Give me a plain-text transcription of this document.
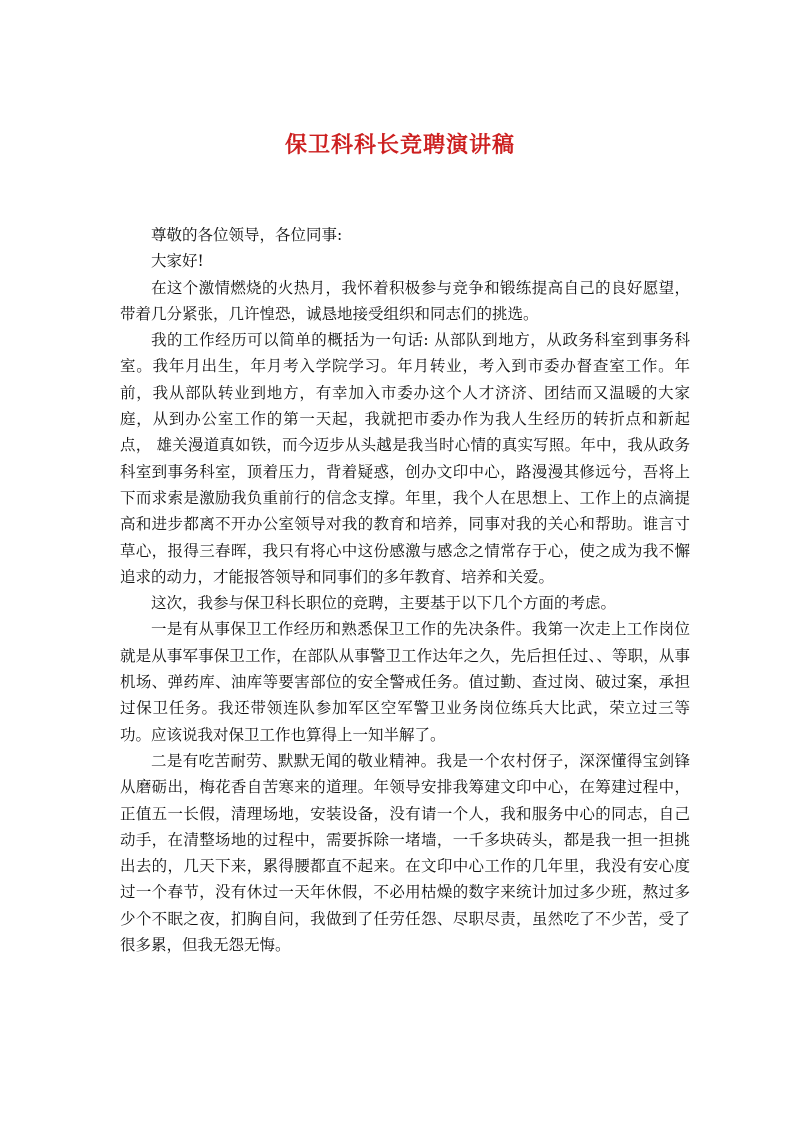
保卫科科长竞聘演讲稿

尊敬的各位领导，各位同事:

大家好!

在这个激情燃烧的火热月，我怀着积极参与竞争和锻练提高自己的良好愿望，带着几分紧张，几许惶恐，诚恳地接受组织和同志们的挑选。

我的工作经历可以简单的概括为一句话: 从部队到地方，从政务科室到事务科室。我年月出生，年月考入学院学习。年月转业，考入到市委办督查室工作。年前，我从部队转业到地方，有幸加入市委办这个人才济济、团结而又温暖的大家庭，从到办公室工作的第一天起，我就把市委办作为我人生经历的转折点和新起点， 雄关漫道真如铁，而今迈步从头越是我当时心情的真实写照。年中，我从政务科室到事务科室，顶着压力，背着疑惑，创办文印中心，路漫漫其修远兮，吾将上下而求索是激励我负重前行的信念支撑。年里，我个人在思想上、工作上的点滴提高和进步都离不开办公室领导对我的教育和培养，同事对我的关心和帮助。谁言寸草心，报得三春晖，我只有将心中这份感激与感念之情常存于心，使之成为我不懈追求的动力，才能报答领导和同事们的多年教育、培养和关爱。

这次，我参与保卫科长职位的竞聘，主要基于以下几个方面的考虑。

一是有从事保卫工作经历和熟悉保卫工作的先决条件。我第一次走上工作岗位就是从事军事保卫工作，在部队从事警卫工作达年之久，先后担任过、、等职，从事机场、弹药库、油库等要害部位的安全警戒任务。值过勤、查过岗、破过案，承担过保卫任务。我还带领连队参加军区空军警卫业务岗位练兵大比武，荣立过三等功。应该说我对保卫工作也算得上一知半解了。

二是有吃苦耐劳、默默无闻的敬业精神。我是一个农村伢子，深深懂得宝剑锋从磨砺出，梅花香自苦寒来的道理。年领导安排我筹建文印中心，在筹建过程中，正值五一长假，清理场地，安装设备，没有请一个人，我和服务中心的同志，自己动手，在清整场地的过程中，需要拆除一堵墙，一千多块砖头，都是我一担一担挑出去的，几天下来，累得腰都直不起来。在文印中心工作的几年里，我没有安心度过一个春节，没有休过一天年休假，不必用枯燥的数字来统计加过多少班，熬过多少个不眠之夜，扪胸自问，我做到了任劳任怨、尽职尽责，虽然吃了不少苦，受了很多累，但我无怨无悔。
